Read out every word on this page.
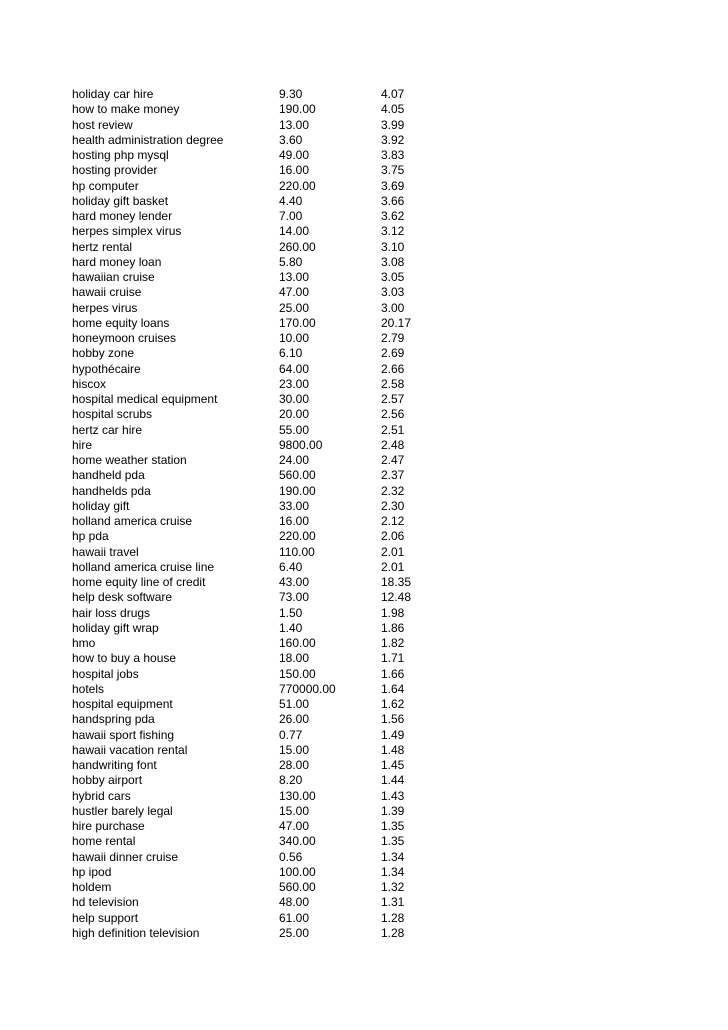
holiday car hire	9.30	4.07
how to make money	190.00	4.05
host review	13.00	3.99
health administration degree	3.60	3.92
hosting php mysql	49.00	3.83
hosting provider	16.00	3.75
hp computer	220.00	3.69
holiday gift basket	4.40	3.66
hard money lender	7.00	3.62
herpes simplex virus	14.00	3.12
hertz rental	260.00	3.10
hard money loan	5.80	3.08
hawaiian cruise	13.00	3.05
hawaii cruise	47.00	3.03
herpes virus	25.00	3.00
home equity loans	170.00	20.17
honeymoon cruises	10.00	2.79
hobby zone	6.10	2.69
hypothécaire	64.00	2.66
hiscox	23.00	2.58
hospital medical equipment	30.00	2.57
hospital scrubs	20.00	2.56
hertz car hire	55.00	2.51
hire	9800.00	2.48
home weather station	24.00	2.47
handheld pda	560.00	2.37
handhelds pda	190.00	2.32
holiday gift	33.00	2.30
holland america cruise	16.00	2.12
hp pda	220.00	2.06
hawaii travel	110.00	2.01
holland america cruise line	6.40	2.01
home equity line of credit	43.00	18.35
help desk software	73.00	12.48
hair loss drugs	1.50	1.98
holiday gift wrap	1.40	1.86
hmo	160.00	1.82
how to buy a house	18.00	1.71
hospital jobs	150.00	1.66
hotels	770000.00	1.64
hospital equipment	51.00	1.62
handspring pda	26.00	1.56
hawaii sport fishing	0.77	1.49
hawaii vacation rental	15.00	1.48
handwriting font	28.00	1.45
hobby airport	8.20	1.44
hybrid cars	130.00	1.43
hustler barely legal	15.00	1.39
hire purchase	47.00	1.35
home rental	340.00	1.35
hawaii dinner cruise	0.56	1.34
hp ipod	100.00	1.34
holdem	560.00	1.32
hd television	48.00	1.31
help support	61.00	1.28
high definition television	25.00	1.28
